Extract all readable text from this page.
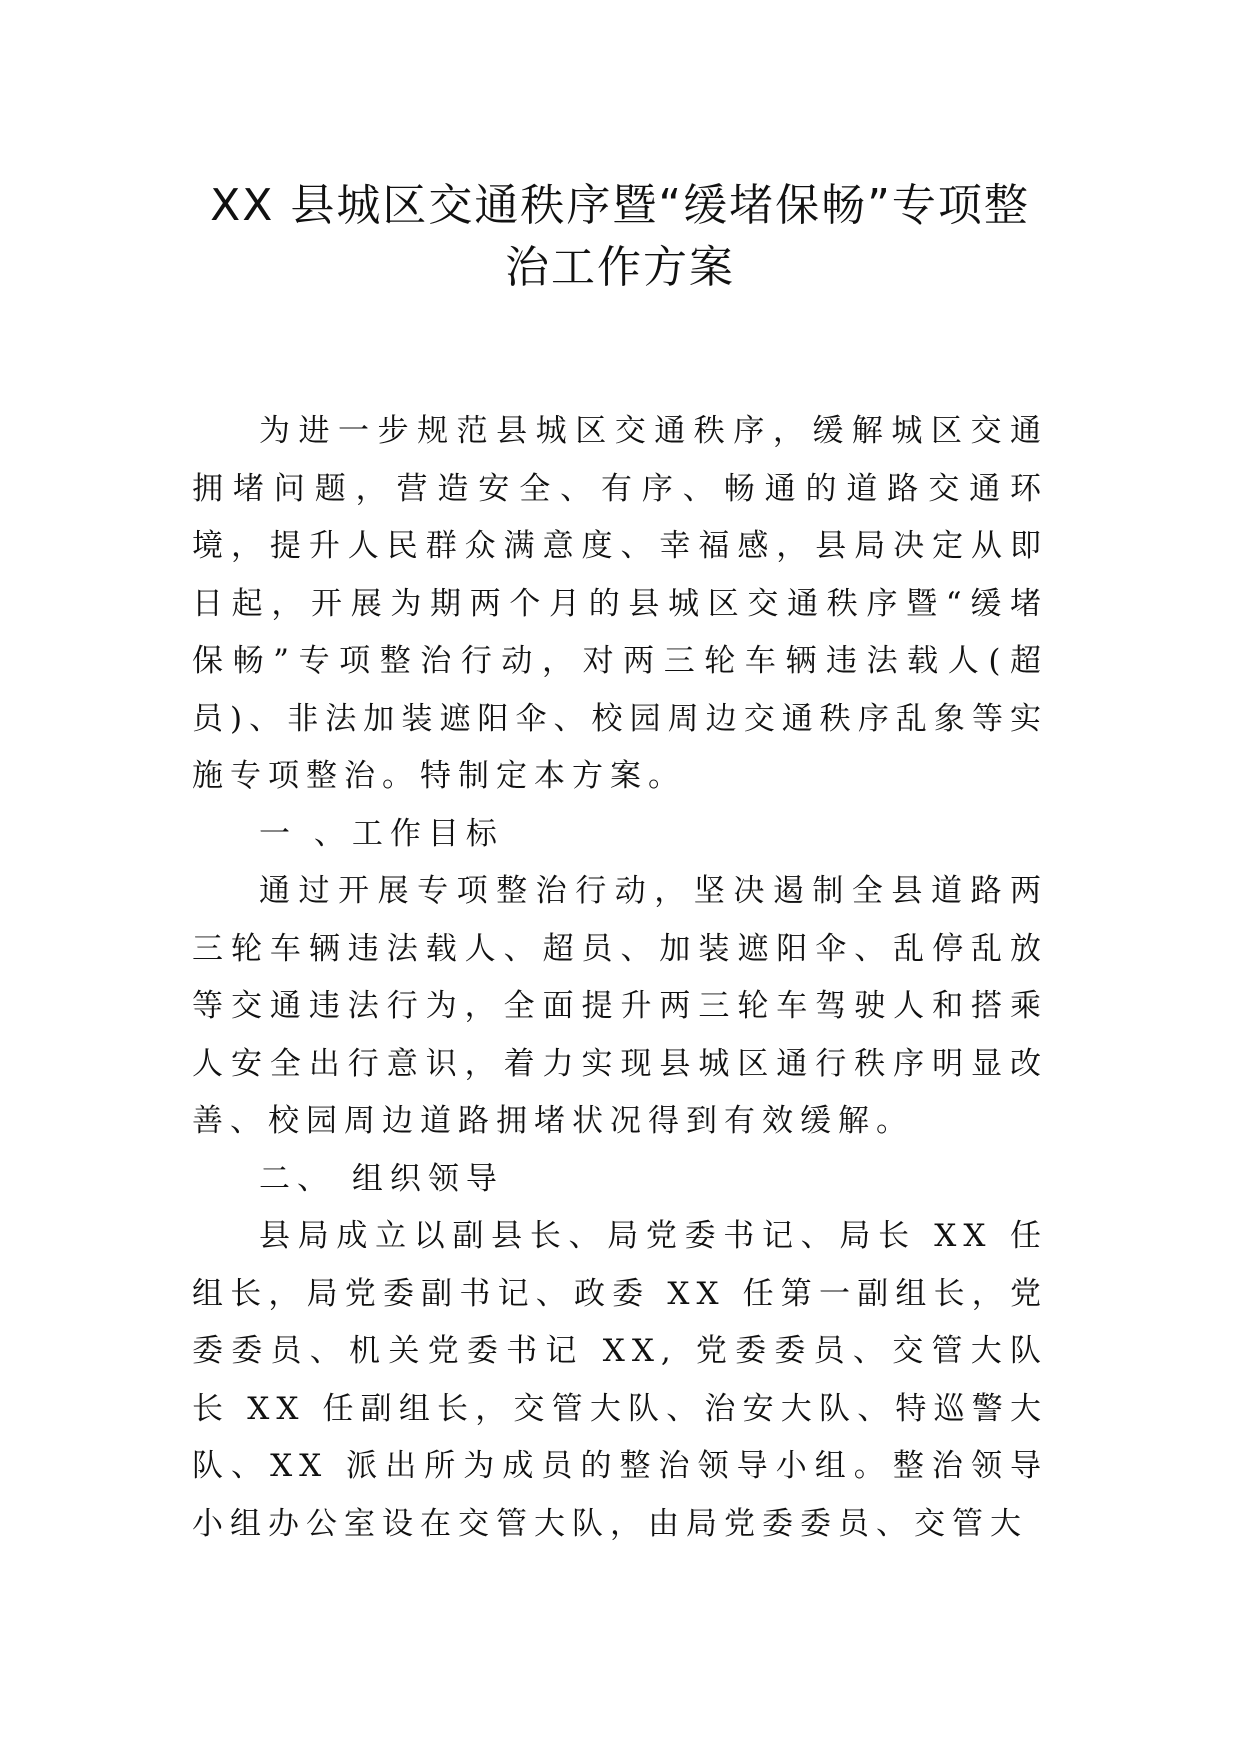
XX 县城区交通秩序暨“缓堵保畅”专项整
治工作方案

为进一步规范县城区交通秩序，缓解城区交通拥堵问题，营造安全、有序、畅通的道路交通环境，提升人民群众满意度、幸福感，县局决定从即日起，开展为期两个月的县城区交通秩序暨“缓堵保畅”专项整治行动，对两三轮车辆违法载人(超员)、非法加装遮阳伞、校园周边交通秩序乱象等实施专项整治。特制定本方案。

一 、工作目标

通过开展专项整治行动，坚决遏制全县道路两三轮车辆违法载人、超员、加装遮阳伞、乱停乱放等交通违法行为，全面提升两三轮车驾驶人和搭乘人安全出行意识，着力实现县城区通行秩序明显改善、校园周边道路拥堵状况得到有效缓解。

二、 组织领导

县局成立以副县长、局党委书记、局长 XX 任组长，局党委副书记、政委 XX 任第一副组长，党委委员、机关党委书记 XX, 党委委员、交管大队长 XX 任副组长，交管大队、治安大队、特巡警大队、XX 派出所为成员的整治领导小组。整治领导小组办公室设在交管大队，由局党委委员、交管大
